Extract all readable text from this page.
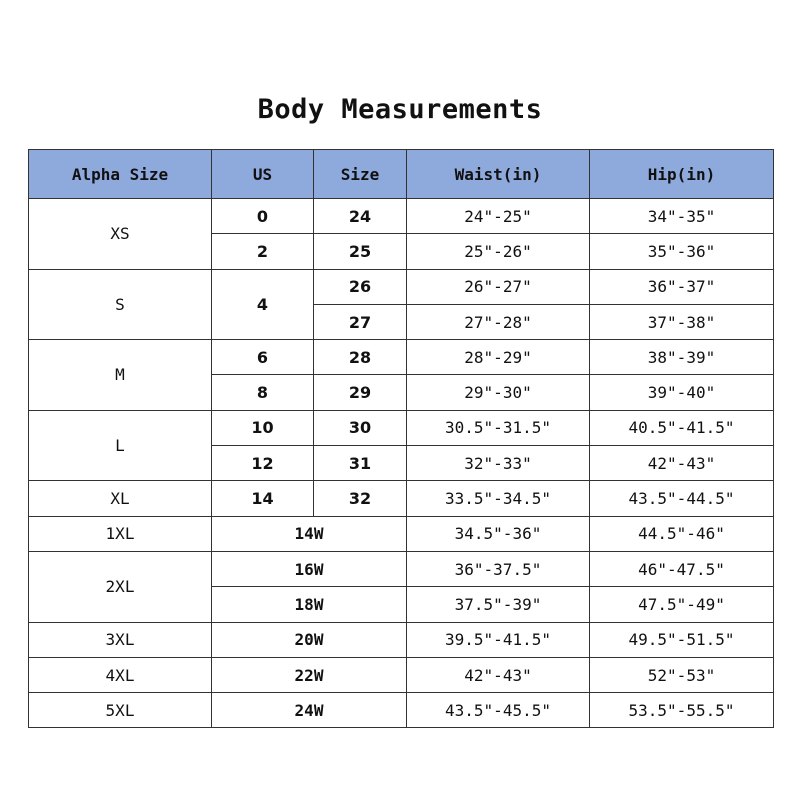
Body Measurements
Alpha Size	US	Size	Waist(in)	Hip(in)
XS	0	24	24"-25"	34"-35"
	2	25	25"-26"	35"-36"
S	4	26	26"-27"	36"-37"
		27	27"-28"	37"-38"
M	6	28	28"-29"	38"-39"
	8	29	29"-30"	39"-40"
L	10	30	30.5"-31.5"	40.5"-41.5"
	12	31	32"-33"	42"-43"
XL	14	32	33.5"-34.5"	43.5"-44.5"
1XL	14W		34.5"-36"	44.5"-46"
2XL	16W		36"-37.5"	46"-47.5"
	18W		37.5"-39"	47.5"-49"
3XL	20W		39.5"-41.5"	49.5"-51.5"
4XL	22W		42"-43"	52"-53"
5XL	24W		43.5"-45.5"	53.5"-55.5"
